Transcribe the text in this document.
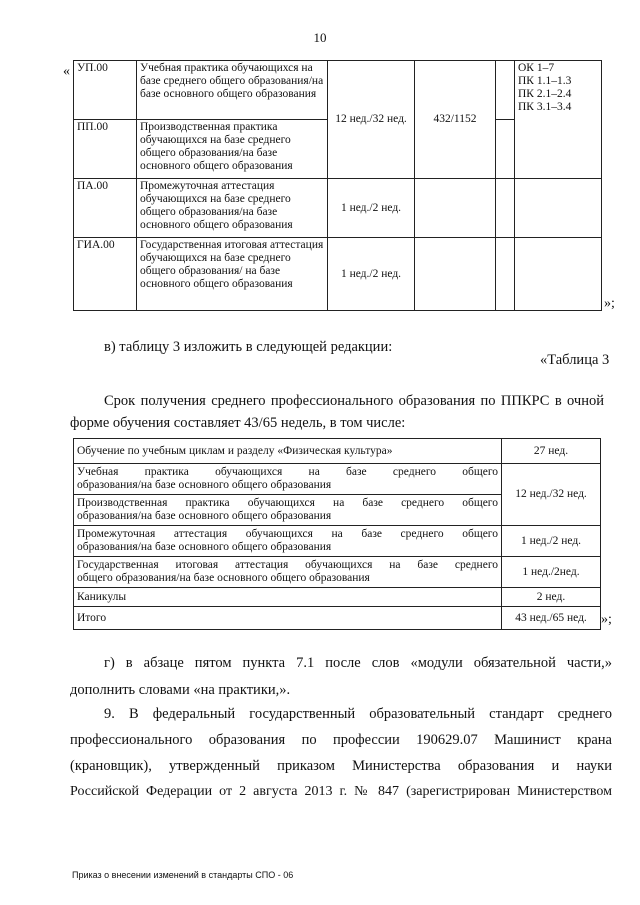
10
« УП.00	Учебная практика обучающихся на базе среднего общего образования/на базе основного общего образования	12 нед./32 нед.	432/1152		ОК 1–7
ПК 1.1–1.3
ПК 2.1–2.4
ПК 3.1–3.4

ПП.00	Производственная практика обучающихся на базе среднего общего образования/на базе основного общего образования				
ПА.00	Промежуточная аттестация обучающихся на базе среднего общего образования/на базе основного общего образования	1 нед./2 нед.			
ГИА.00	Государственная итоговая аттестация обучающихся на базе среднего общего образования/ на базе основного общего образования	1 нед./2 нед.			
»;
в) таблицу 3 изложить в следующей редакции:
«Таблица 3
Срок получения среднего профессионального образования по ППКРС в очной
форме обучения составляет 43/65 недель, в том числе:
Обучение по учебным циклам и разделу «Физическая культура»	27 нед.

Учебная практика обучающихся на базе среднего общего
образования/на базе основного общего образования	12 нед./32 нед.

Производственная практика обучающихся на базе среднего общего
образования/на базе основного общего образования	

Промежуточная аттестация обучающихся на базе среднего общего
образования/на базе основного общего образования	1 нед./2 нед.

Государственная итоговая аттестация обучающихся на базе среднего
общего образования/на базе основного общего образования	1 нед./2нед.
Каникулы	2 нед.
Итого	43 нед./65 нед. »;
г) в абзаце пятом пункта 7.1 после слов «модули обязательной части,»
дополнить словами «на практики,».
9. В федеральный государственный образовательный стандарт среднего
профессионального образования по профессии 190629.07 Машинист крана
(крановщик), утвержденный приказом Министерства образования и науки
Российской Федерации от 2 августа 2013 г. № 847 (зарегистрирован Министерством
Приказ о внесении изменений в стандарты СПО - 06
